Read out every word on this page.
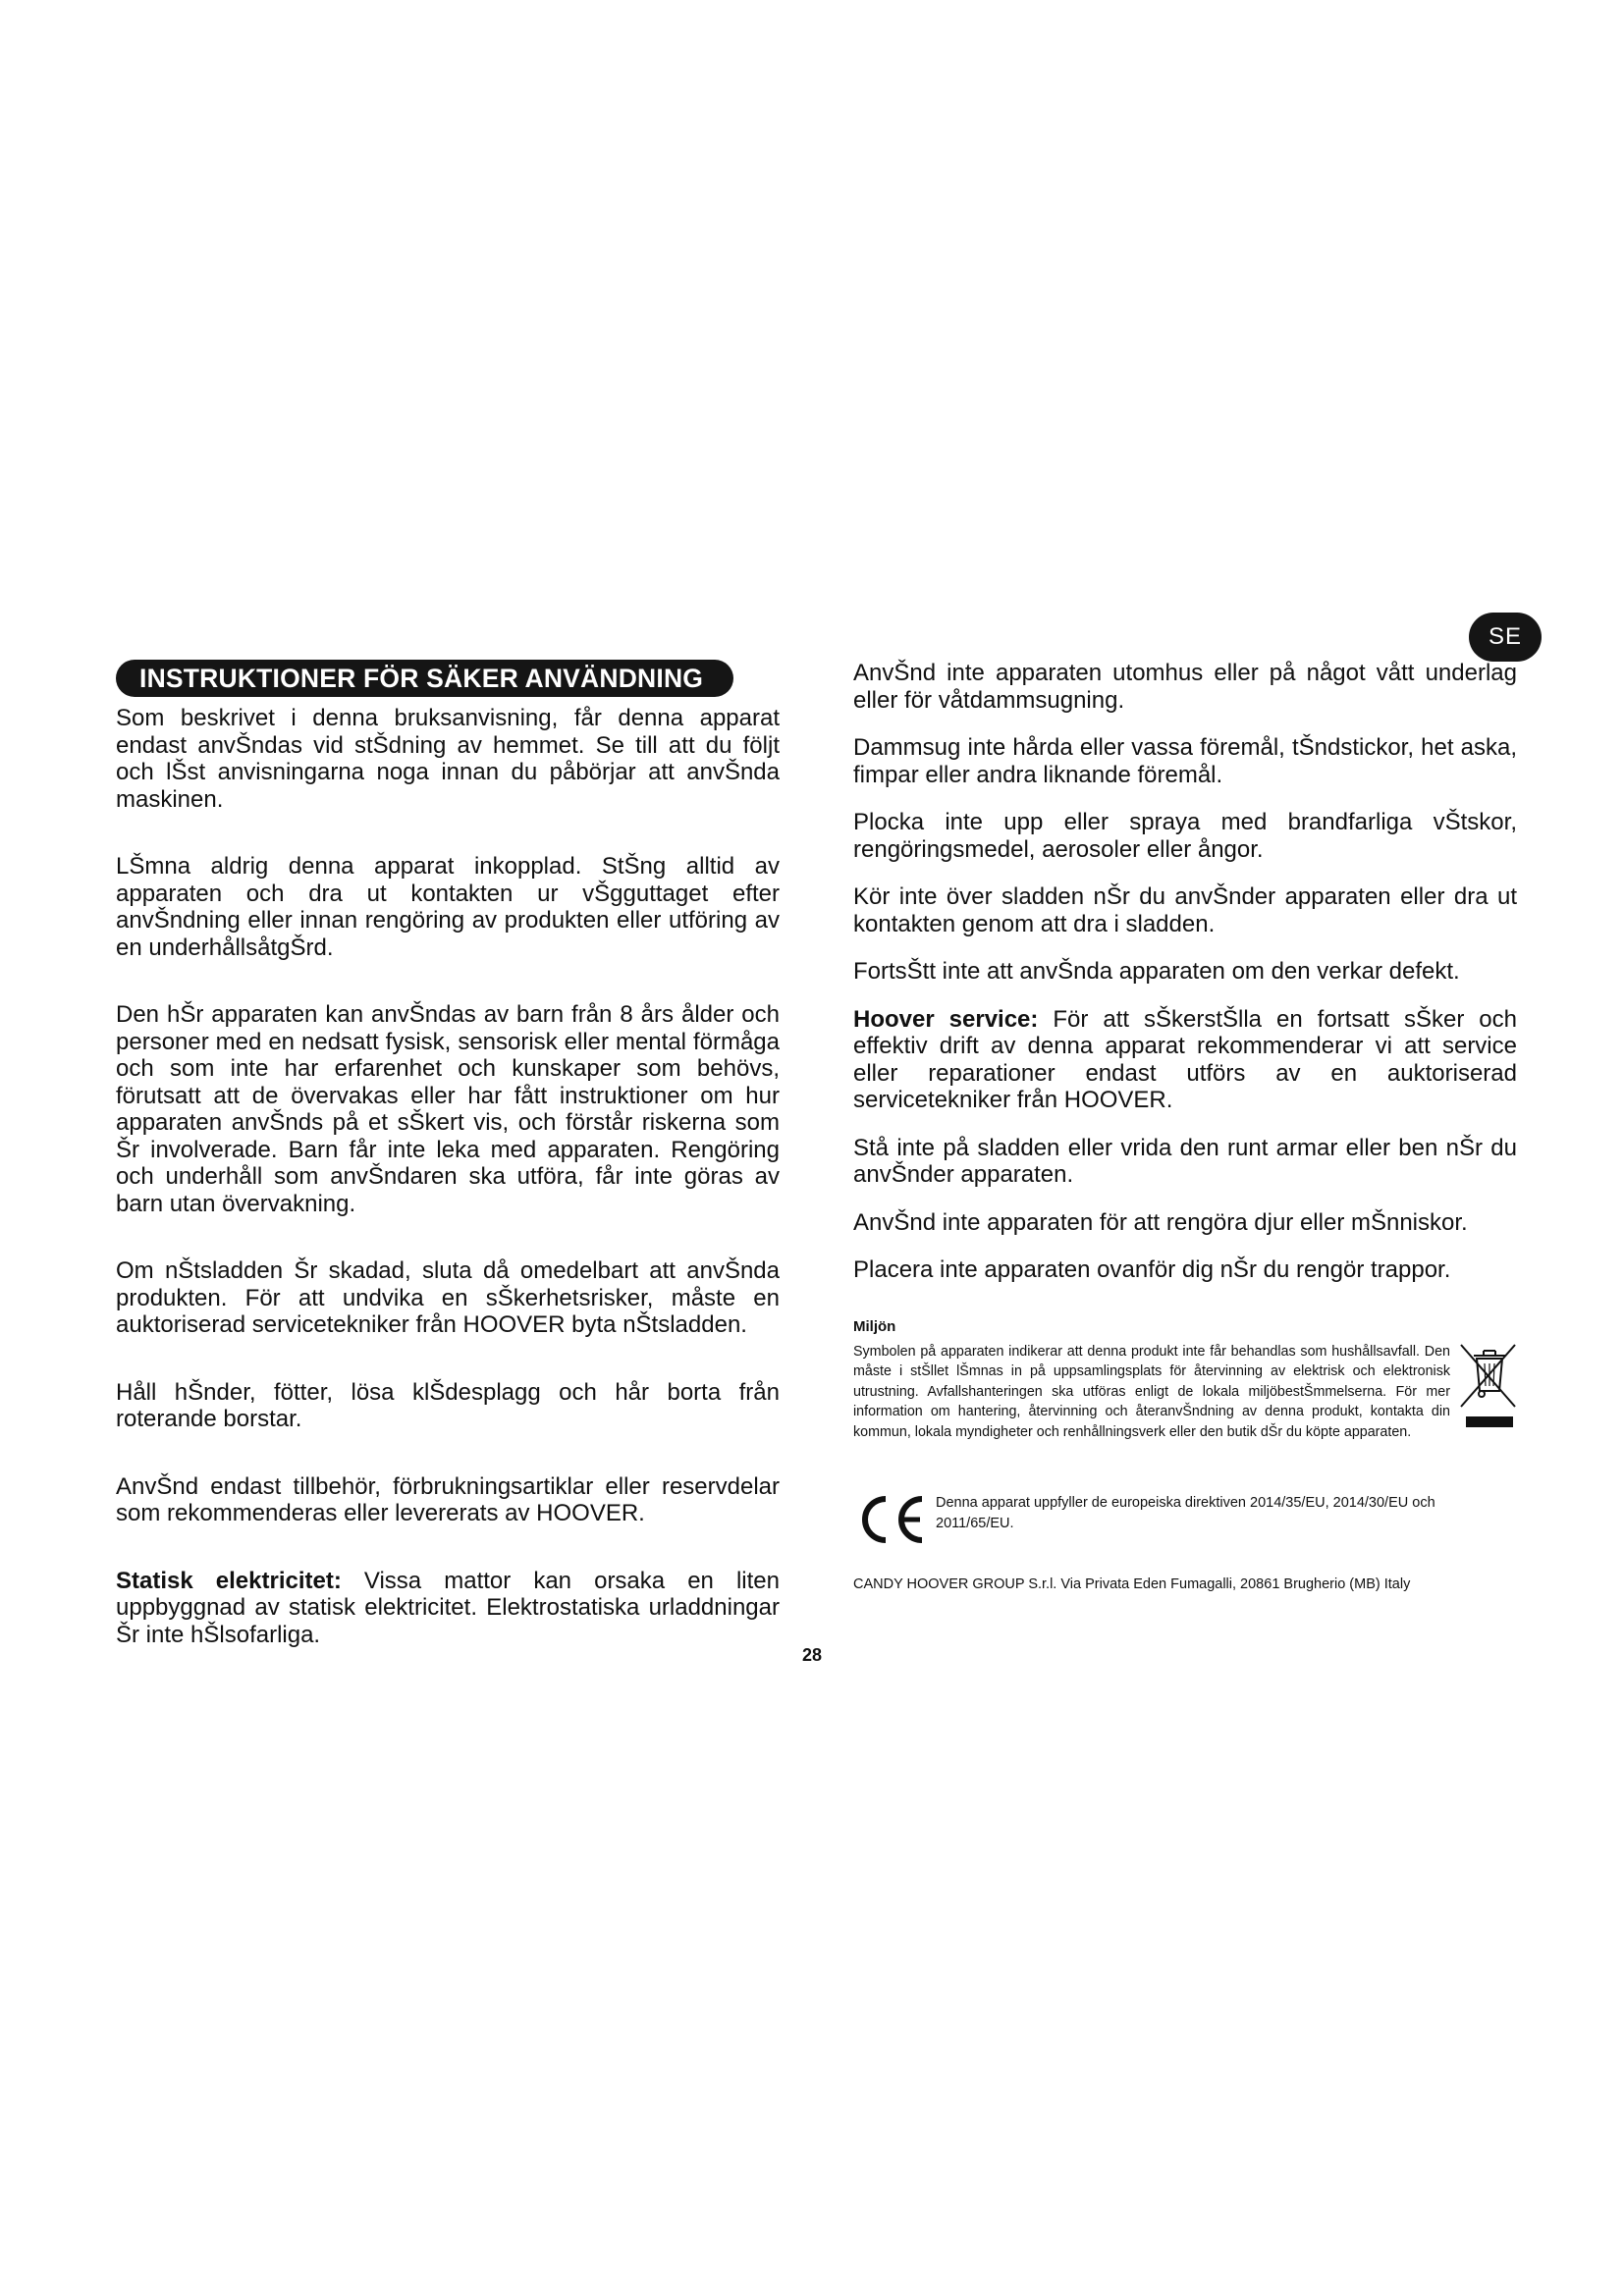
SE
INSTRUKTIONER FÖR SÄKER ANVÄNDNING

Som beskrivet i denna bruksanvisning, får denna apparat endast anvŠndas vid stŠdning av hemmet. Se till att du följt och lŠst anvisningarna noga innan du påbörjar att anvŠnda maskinen.

LŠmna aldrig denna apparat inkopplad. StŠng alltid av apparaten och dra ut kontakten ur vŠgguttaget efter anvŠndning eller innan rengöring av produkten eller utföring av en underhållsåtgŠrd.

Den hŠr apparaten kan anvŠndas av barn från 8 års ålder och personer med en nedsatt fysisk, sensorisk eller mental förmåga och som inte har erfarenhet och kunskaper som behövs, förutsatt att de övervakas eller har fått instruktioner om hur apparaten anvŠnds på et sŠkert vis, och förstår riskerna som Šr involverade. Barn får inte leka med apparaten. Rengöring och underhåll som anvŠndaren ska utföra, får inte göras av barn utan övervakning.

Om nŠtsladden Šr skadad, sluta då omedelbart att anvŠnda produkten. För att undvika en sŠkerhetsrisker, måste en auktoriserad servicetekniker från HOOVER byta nŠtsladden.

Håll hŠnder, fötter, lösa klŠdesplagg och hår borta från roterande borstar.

AnvŠnd endast tillbehör, förbrukningsartiklar eller reservdelar som rekommenderas eller levererats av HOOVER.

Statisk elektricitet: Vissa mattor kan orsaka en liten uppbyggnad av statisk elektricitet. Elektrostatiska urladdningar Šr inte hŠlsofarliga.

AnvŠnd inte apparaten utomhus eller på något vått underlag eller för våtdammsugning.

Dammsug inte hårda eller vassa föremål, tŠndstickor, het aska, fimpar eller andra liknande föremål.

Plocka inte upp eller spraya med brandfarliga vŠtskor, rengöringsmedel, aerosoler eller ångor.

Kör inte över sladden nŠr du anvŠnder apparaten eller dra ut kontakten genom att dra i sladden.

FortsŠtt inte att anvŠnda apparaten om den verkar defekt.

Hoover service: För att sŠkerstŠlla en fortsatt sŠker och effektiv drift av denna apparat rekommenderar vi att service eller reparationer endast utförs av en auktoriserad servicetekniker från HOOVER.

Stå inte på sladden eller vrida den runt armar eller ben nŠr du anvŠnder apparaten.

AnvŠnd inte apparaten för att rengöra djur eller mŠnniskor.

Placera inte apparaten ovanför dig nŠr du rengör trappor.

Miljön

Symbolen på apparaten indikerar att denna produkt inte får behandlas som hushållsavfall. Den måste i stŠllet lŠmnas in på uppsamlingsplats för återvinning av elektrisk och elektronisk utrustning. Avfallshanteringen ska utföras enligt de lokala miljöbestŠmmelserna. För mer information om hantering, återvinning och återanvŠndning av denna produkt, kontakta din kommun, lokala myndigheter och renhållningsverk eller den butik dŠr du köpte apparaten.

Denna apparat uppfyller de europeiska direktiven 2014/35/EU, 2014/30/EU och 2011/65/EU.

CANDY HOOVER GROUP S.r.l. Via Privata Eden Fumagalli, 20861 Brugherio (MB) Italy

28
